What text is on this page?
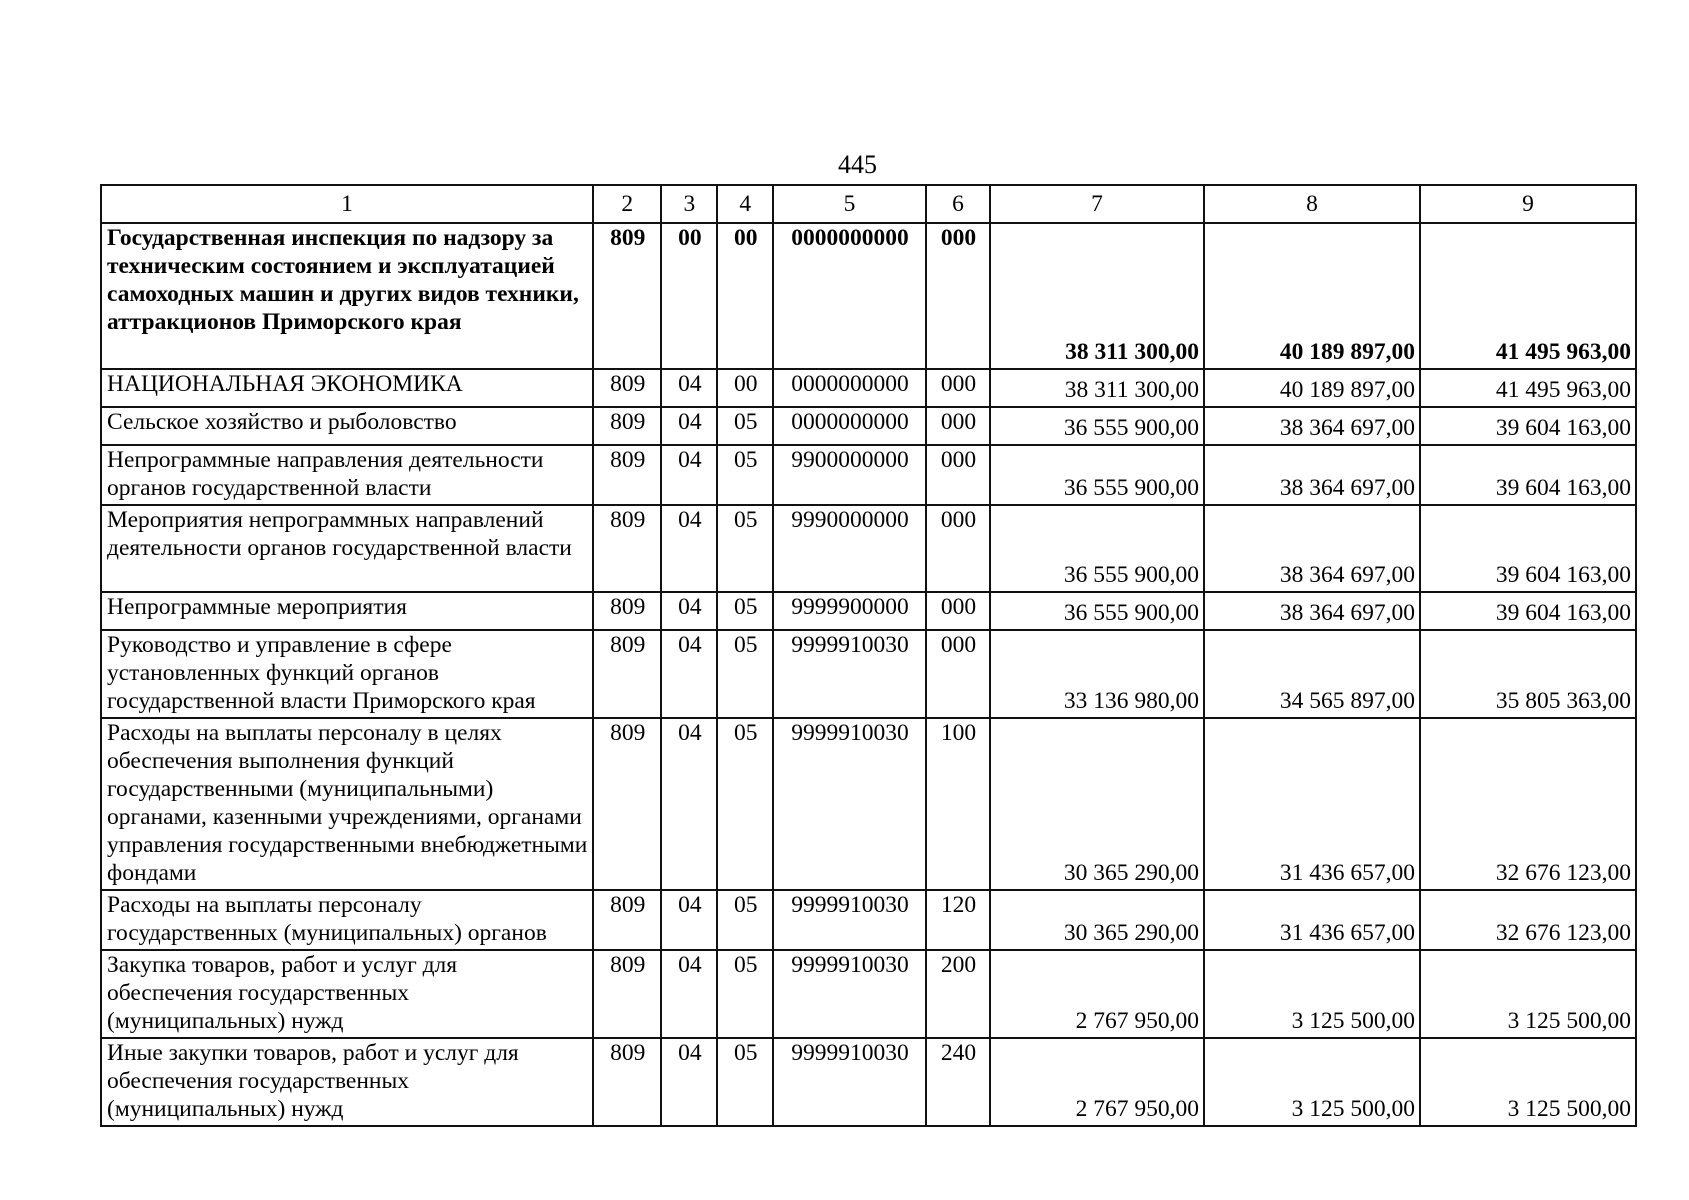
445
1	2	3	4	5	6	7	8	9
Государственная инспекция по надзору за техническим состоянием и эксплуатацией самоходных машин и других видов техники, аттракционов Приморского края	809	00	00	0000000000	000	38 311 300,00	40 189 897,00	41 495 963,00
НАЦИОНАЛЬНАЯ ЭКОНОМИКА	809	04	00	0000000000	000	38 311 300,00	40 189 897,00	41 495 963,00
Сельское хозяйство и рыболовство	809	04	05	0000000000	000	36 555 900,00	38 364 697,00	39 604 163,00
Непрограммные направления деятельности органов государственной власти	809	04	05	9900000000	000	36 555 900,00	38 364 697,00	39 604 163,00
Мероприятия непрограммных направлений деятельности органов государственной власти	809	04	05	9990000000	000	36 555 900,00	38 364 697,00	39 604 163,00
Непрограммные мероприятия	809	04	05	9999900000	000	36 555 900,00	38 364 697,00	39 604 163,00
Руководство и управление в сфере установленных функций органов государственной власти Приморского края	809	04	05	9999910030	000	33 136 980,00	34 565 897,00	35 805 363,00
Расходы на выплаты персоналу в целях обеспечения выполнения функций государственными (муниципальными) органами, казенными учреждениями, органами управления государственными внебюджетными фондами	809	04	05	9999910030	100	30 365 290,00	31 436 657,00	32 676 123,00
Расходы на выплаты персоналу государственных (муниципальных) органов	809	04	05	9999910030	120	30 365 290,00	31 436 657,00	32 676 123,00
Закупка товаров, работ и услуг для обеспечения государственных (муниципальных) нужд	809	04	05	9999910030	200	2 767 950,00	3 125 500,00	3 125 500,00
Иные закупки товаров, работ и услуг для обеспечения государственных (муниципальных) нужд	809	04	05	9999910030	240	2 767 950,00	3 125 500,00	3 125 500,00
